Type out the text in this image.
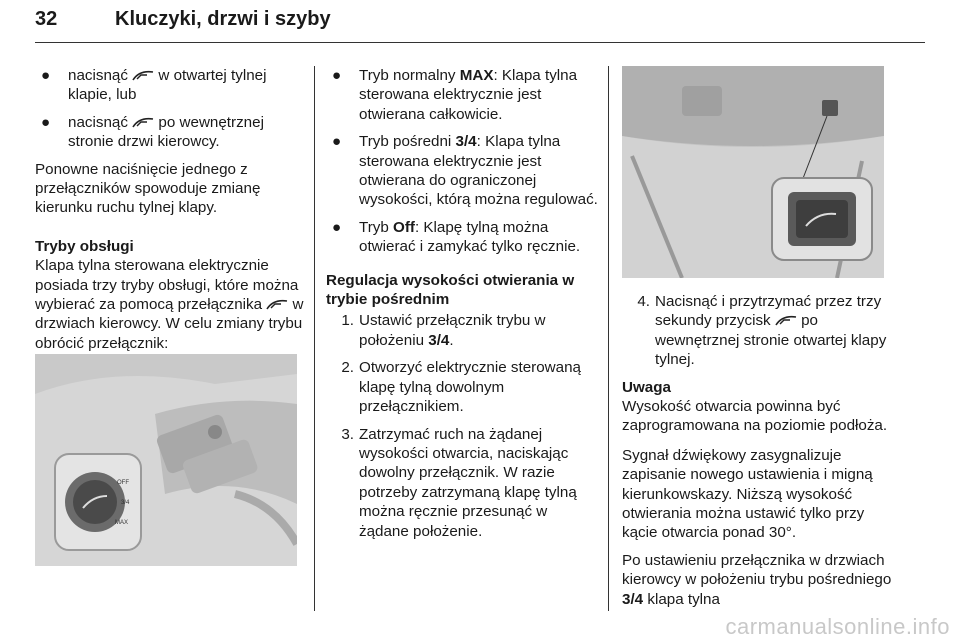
32	Kluczyki, drzwi i szyby
● nacisnąć w otwartej tylnej klapie, lub
● nacisnąć po wewnętrznej stronie drzwi kierowcy.

Ponowne naciśnięcie jednego z przełączników spowoduje zmianę kierunku ruchu tylnej klapy.

Tryby obsługi

Klapa tylna sterowana elektrycznie posiada trzy tryby obsługi, które można wybierać za pomocą przełącznika w drzwiach kierowcy. W celu zmiany trybu obrócić przełącznik:

OFF
3/4
MAX
● Tryb normalny MAX: Klapa tylna sterowana elektrycznie jest otwierana całkowicie.
● Tryb pośredni 3/4: Klapa tylna sterowana elektrycznie jest otwierana do ograniczonej wysokości, którą można regulować.
● Tryb Off: Klapę tylną można otwierać i zamykać tylko ręcznie.

Regulacja wysokości otwierania w trybie pośrednim

1. Ustawić przełącznik trybu w położeniu 3/4.
2. Otworzyć elektrycznie sterowaną klapę tylną dowolnym przełącznikiem.
3. Zatrzymać ruch na żądanej wysokości otwarcia, naciskając dowolny przełącznik. W razie potrzeby zatrzymaną klapę tylną można ręcznie przesunąć w żądane położenie.
4. Nacisnąć i przytrzymać przez trzy sekundy przycisk po wewnętrznej stronie otwartej klapy tylnej.

Uwaga

Wysokość otwarcia powinna być zaprogramowana na poziomie podłoża.

Sygnał dźwiękowy zasygnalizuje zapisanie nowego ustawienia i migną kierunkowskazy. Niższą wysokość otwierania można ustawić tylko przy kącie otwarcia ponad 30°.

Po ustawieniu przełącznika w drzwiach kierowcy w położeniu trybu pośredniego 3/4 klapa tylna

carmanualsonline.info
